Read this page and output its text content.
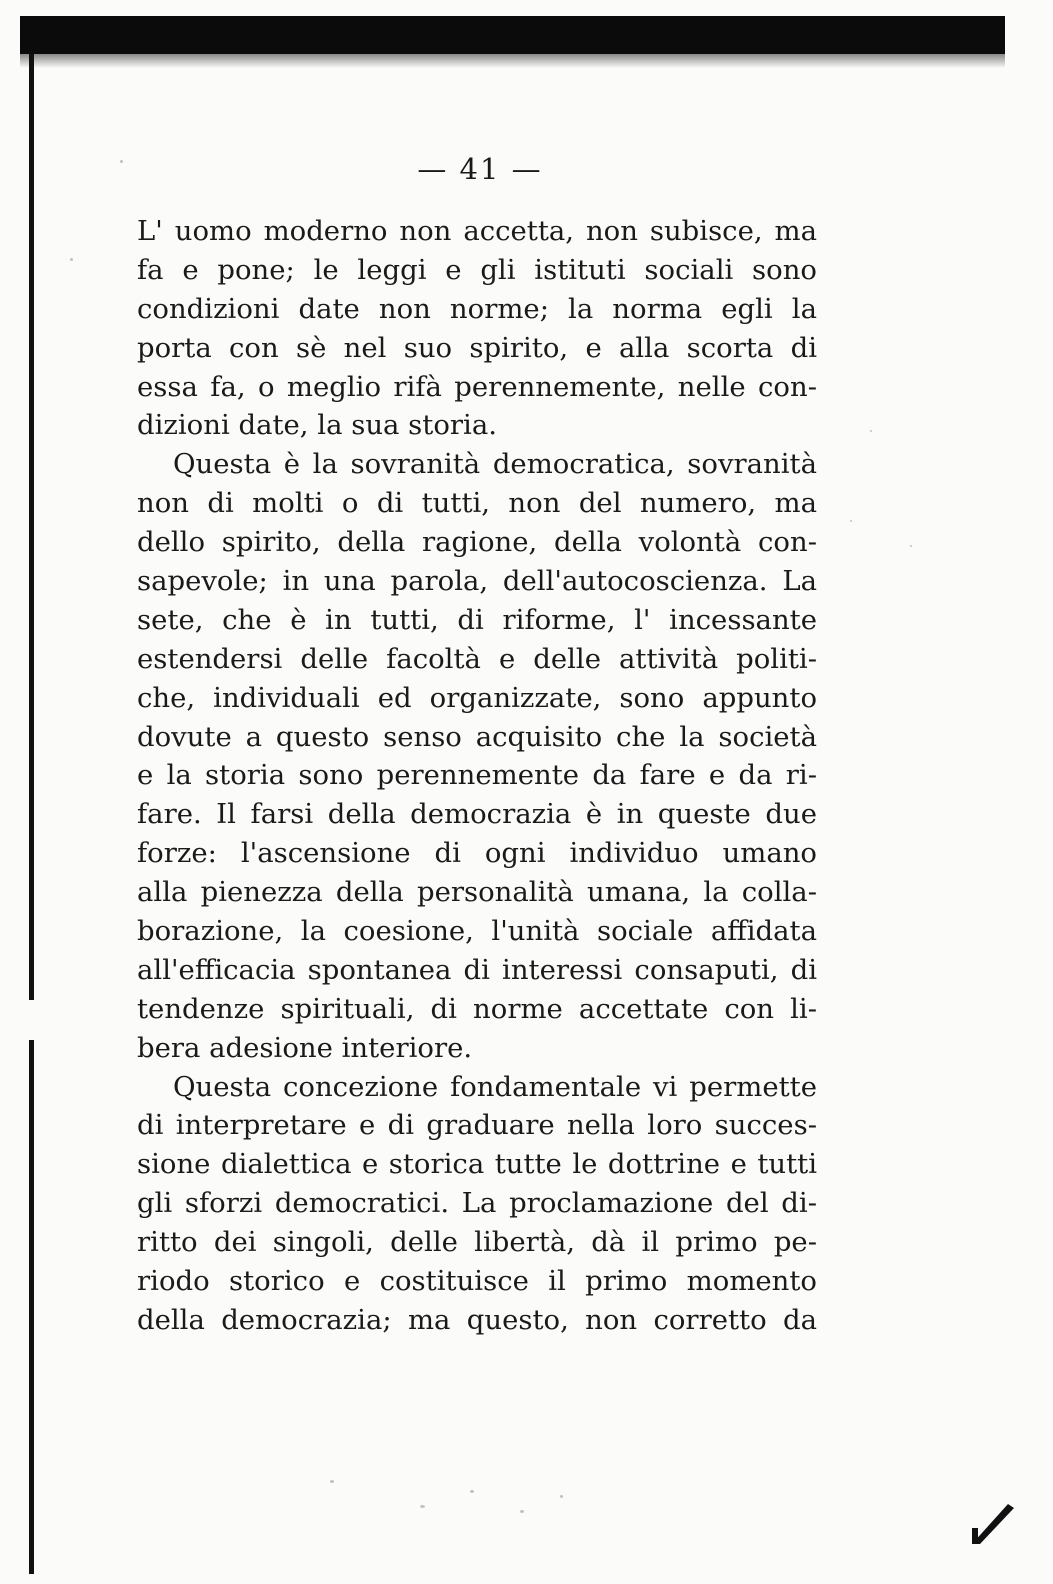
— 41 —
L' uomo moderno non accetta, non subisce, ma
fa e pone; le leggi e gli istituti sociali sono
condizioni date non norme; la norma egli la
porta con sè nel suo spirito, e alla scorta di
essa fa, o meglio rifà perennemente, nelle con-
dizioni date, la sua storia.
Questa è la sovranità democratica, sovranità
non di molti o di tutti, non del numero, ma
dello spirito, della ragione, della volontà con-
sapevole; in una parola, dell'autocoscienza. La
sete, che è in tutti, di riforme, l' incessante
estendersi delle facoltà e delle attività politi-
che, individuali ed organizzate, sono appunto
dovute a questo senso acquisito che la società
e la storia sono perennemente da fare e da ri-
fare. Il farsi della democrazia è in queste due
forze: l'ascensione di ogni individuo umano
alla pienezza della personalità umana, la colla-
borazione, la coesione, l'unità sociale affidata
all'efficacia spontanea di interessi consaputi, di
tendenze spirituali, di norme accettate con li-
bera adesione interiore.
Questa concezione fondamentale vi permette
di interpretare e di graduare nella loro succes-
sione dialettica e storica tutte le dottrine e tutti
gli sforzi democratici. La proclamazione del di-
ritto dei singoli, delle libertà, dà il primo pe-
riodo storico e costituisce il primo momento
della democrazia; ma questo, non corretto da
